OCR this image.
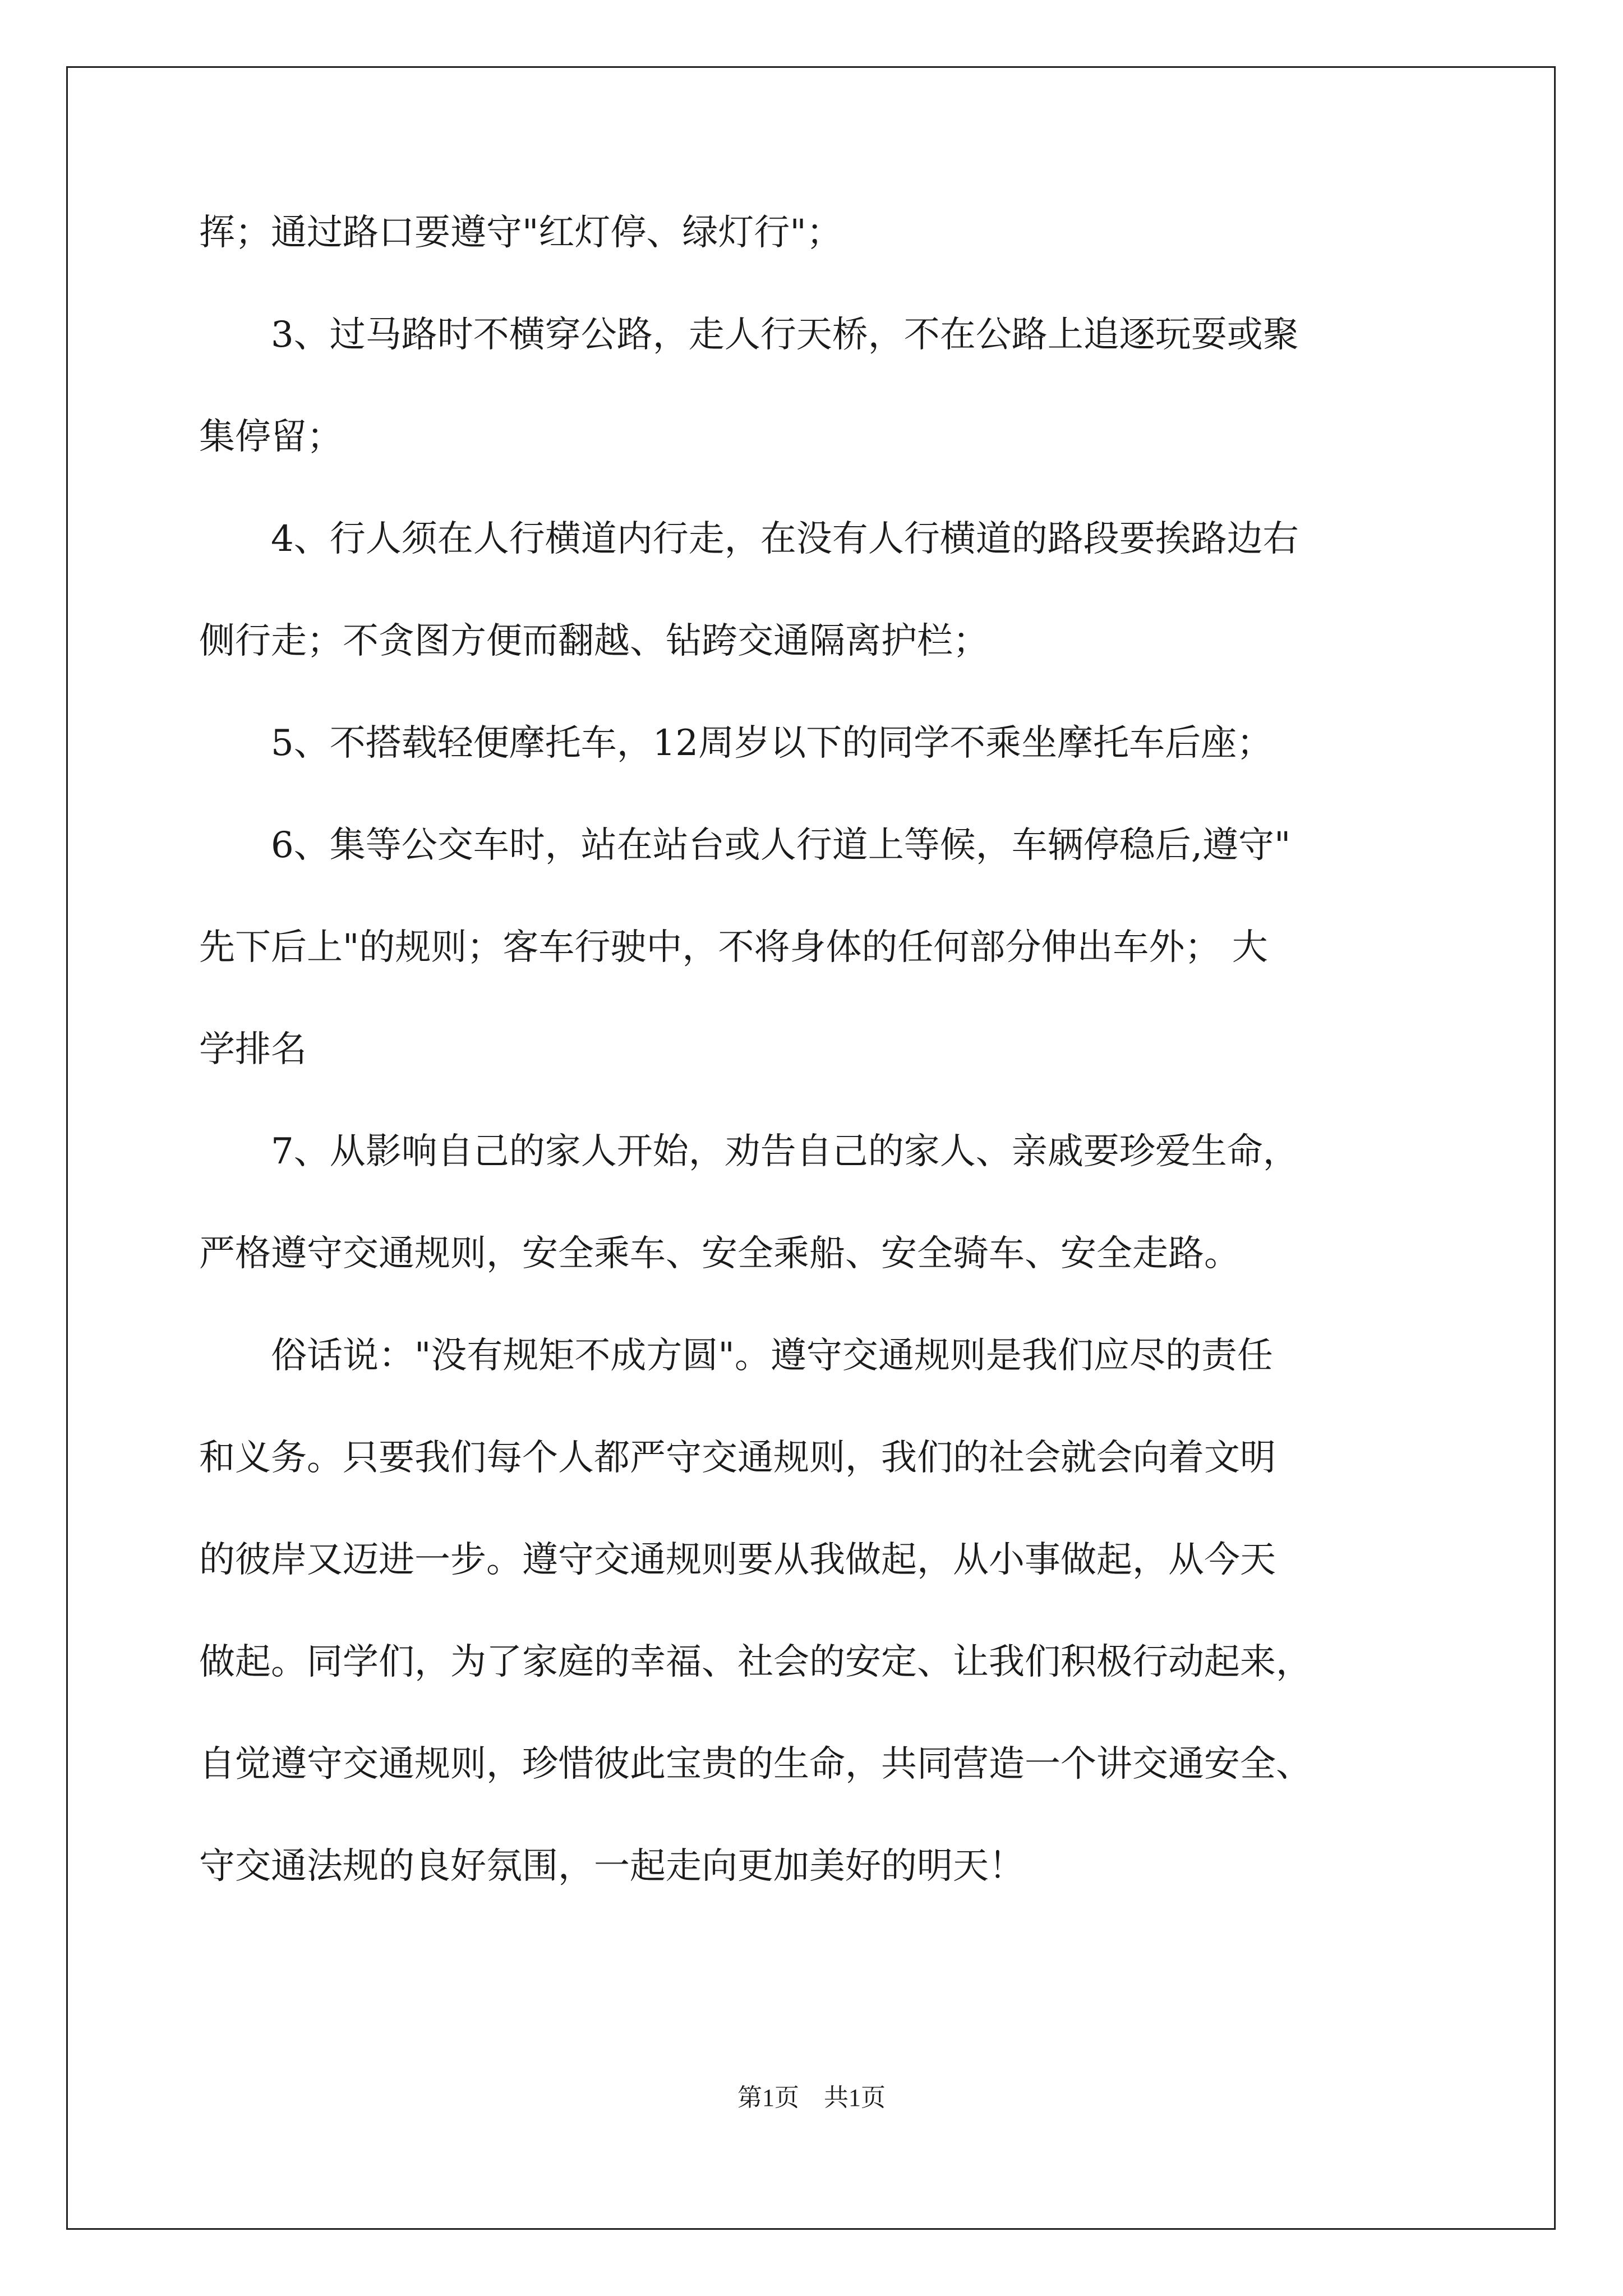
挥；通过路口要遵守"红灯停、绿灯行"；
3、过马路时不横穿公路，走人行天桥，不在公路上追逐玩耍或聚
集停留；
4、行人须在人行横道内行走，在没有人行横道的路段要挨路边右
侧行走；不贪图方便而翻越、钻跨交通隔离护栏；
5、不搭载轻便摩托车，12周岁以下的同学不乘坐摩托车后座；
6、集等公交车时，站在站台或人行道上等候，车辆停稳后,遵守"
先下后上"的规则；客车行驶中，不将身体的任何部分伸出车外； 大
学排名
7、从影响自己的家人开始，劝告自己的家人、亲戚要珍爱生命，
严格遵守交通规则，安全乘车、安全乘船、安全骑车、安全走路。
俗话说："没有规矩不成方圆"。遵守交通规则是我们应尽的责任
和义务。只要我们每个人都严守交通规则，我们的社会就会向着文明
的彼岸又迈进一步。遵守交通规则要从我做起，从小事做起，从今天
做起。同学们，为了家庭的幸福、社会的安定、让我们积极行动起来，
自觉遵守交通规则，珍惜彼此宝贵的生命，共同营造一个讲交通安全、
守交通法规的良好氛围，一起走向更加美好的明天！
第1页　共1页
